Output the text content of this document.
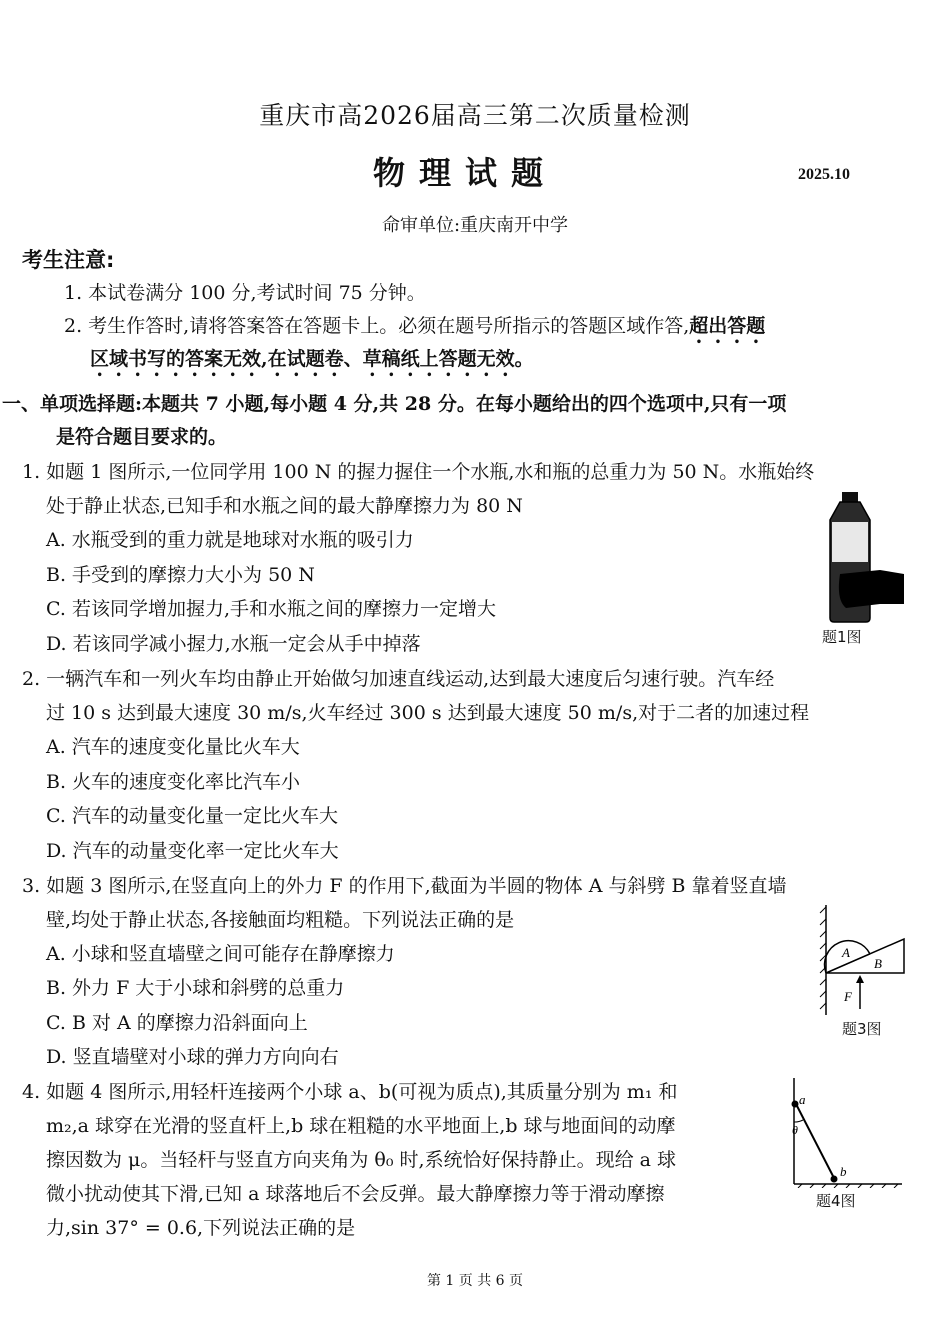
重庆市高2026届高三第二次质量检测
物理试题	2025.10
命审单位:重庆南开中学
考生注意:
1. 本试卷满分 100 分,考试时间 75 分钟。
2. 考生作答时,请将答案答在答题卡上。必须在题号所指示的答题区域作答,超出答题
区域书写的答案无效,在试题卷、草稿纸上答题无效。
一、单项选择题:本题共 7 小题,每小题 4 分,共 28 分。在每小题给出的四个选项中,只有一项
是符合题目要求的。
1. 如题 1 图所示,一位同学用 100 N 的握力握住一个水瓶,水和瓶的总重力为 50 N。水瓶始终
处于静止状态,已知手和水瓶之间的最大静摩擦力为 80 N
A. 水瓶受到的重力就是地球对水瓶的吸引力
B. 手受到的摩擦力大小为 50 N
C. 若该同学增加握力,手和水瓶之间的摩擦力一定增大
D. 若该同学减小握力,水瓶一定会从手中掉落	题1图
2. 一辆汽车和一列火车均由静止开始做匀加速直线运动,达到最大速度后匀速行驶。汽车经
过 10 s 达到最大速度 30 m/s,火车经过 300 s 达到最大速度 50 m/s,对于二者的加速过程
A. 汽车的速度变化量比火车大
B. 火车的速度变化率比汽车小
C. 汽车的动量变化量一定比火车大
D. 汽车的动量变化率一定比火车大
3. 如题 3 图所示,在竖直向上的外力 F 的作用下,截面为半圆的物体 A 与斜劈 B 靠着竖直墙
壁,均处于静止状态,各接触面均粗糙。下列说法正确的是
A. 小球和竖直墙壁之间可能存在静摩擦力
B. 外力 F 大于小球和斜劈的总重力
C. B 对 A 的摩擦力沿斜面向上
D. 竖直墙壁对小球的弹力方向向右
A
B
F
题3图
4. 如题 4 图所示,用轻杆连接两个小球 a、b(可视为质点),其质量分别为 m₁ 和
m₂,a 球穿在光滑的竖直杆上,b 球在粗糙的水平地面上,b 球与地面间的动摩
擦因数为 μ。当轻杆与竖直方向夹角为 θ₀ 时,系统恰好保持静止。现给 a 球
微小扰动使其下滑,已知 a 球落地后不会反弹。最大静摩擦力等于滑动摩擦
力,sin 37° = 0.6,下列说法正确的是
a
b
θ
题4图
第 1 页 共 6 页
